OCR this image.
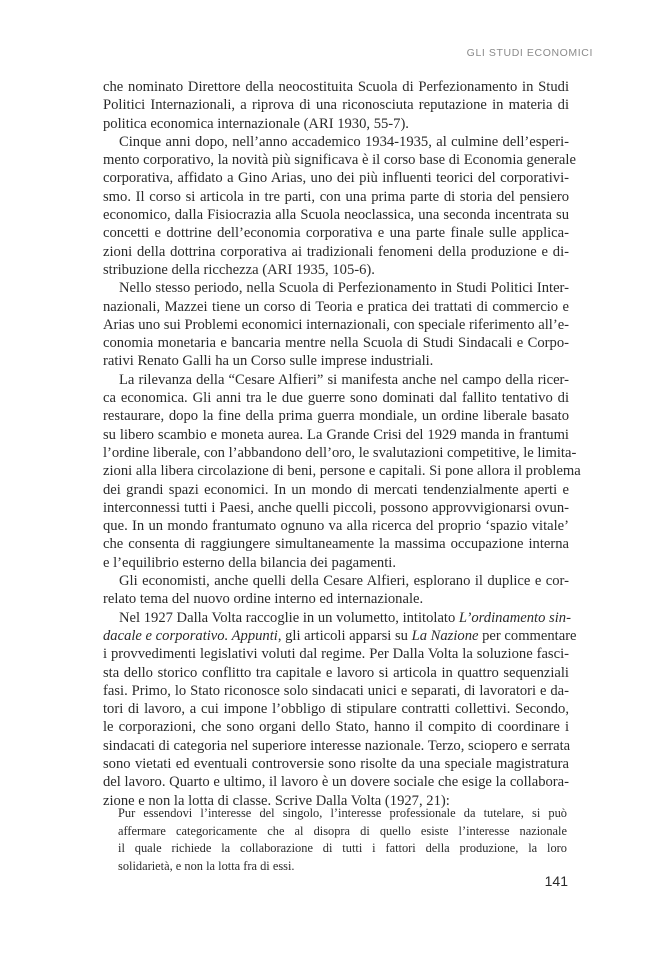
GLI STUDI ECONOMICI
che nominato Direttore della neocostituita Scuola di Perfezionamento in Studi
Politici Internazionali, a riprova di una riconosciuta reputazione in materia di
politica economica internazionale (ARI 1930, 55-7).
Cinque anni dopo, nell’anno accademico 1934-1935, al culmine dell’esperi-
mento corporativo, la novità più significava è il corso base di Economia generale
corporativa, affidato a Gino Arias, uno dei più influenti teorici del corporativi-
smo. Il corso si articola in tre parti, con una prima parte di storia del pensiero
economico, dalla Fisiocrazia alla Scuola neoclassica, una seconda incentrata su
concetti e dottrine dell’economia corporativa e una parte finale sulle applica-
zioni della dottrina corporativa ai tradizionali fenomeni della produzione e di-
stribuzione della ricchezza (ARI 1935, 105-6).
Nello stesso periodo, nella Scuola di Perfezionamento in Studi Politici Inter-
nazionali, Mazzei tiene un corso di Teoria e pratica dei trattati di commercio e
Arias uno sui Problemi economici internazionali, con speciale riferimento all’e-
conomia monetaria e bancaria mentre nella Scuola di Studi Sindacali e Corpo-
rativi Renato Galli ha un Corso sulle imprese industriali.
La rilevanza della “Cesare Alfieri” si manifesta anche nel campo della ricer-
ca economica. Gli anni tra le due guerre sono dominati dal fallito tentativo di
restaurare, dopo la fine della prima guerra mondiale, un ordine liberale basato
su libero scambio e moneta aurea. La Grande Crisi del 1929 manda in frantumi
l’ordine liberale, con l’abbandono dell’oro, le svalutazioni competitive, le limita-
zioni alla libera circolazione di beni, persone e capitali. Si pone allora il problema
dei grandi spazi economici. In un mondo di mercati tendenzialmente aperti e
interconnessi tutti i Paesi, anche quelli piccoli, possono approvvigionarsi ovun-
que. In un mondo frantumato ognuno va alla ricerca del proprio ‘spazio vitale’
che consenta di raggiungere simultaneamente la massima occupazione interna
e l’equilibrio esterno della bilancia dei pagamenti.
Gli economisti, anche quelli della Cesare Alfieri, esplorano il duplice e cor-
relato tema del nuovo ordine interno ed internazionale.
Nel 1927 Dalla Volta raccoglie in un volumetto, intitolato L’ordinamento sin-
dacale e corporativo. Appunti, gli articoli apparsi su La Nazione per commentare
i provvedimenti legislativi voluti dal regime. Per Dalla Volta la soluzione fasci-
sta dello storico conflitto tra capitale e lavoro si articola in quattro sequenziali
fasi. Primo, lo Stato riconosce solo sindacati unici e separati, di lavoratori e da-
tori di lavoro, a cui impone l’obbligo di stipulare contratti collettivi. Secondo,
le corporazioni, che sono organi dello Stato, hanno il compito di coordinare i
sindacati di categoria nel superiore interesse nazionale. Terzo, sciopero e serrata
sono vietati ed eventuali controversie sono risolte da una speciale magistratura
del lavoro. Quarto e ultimo, il lavoro è un dovere sociale che esige la collabora-
zione e non la lotta di classe. Scrive Dalla Volta (1927, 21):
Pur essendovi l’interesse del singolo, l’interesse professionale da tutelare, si può
affermare categoricamente che al disopra di quello esiste l’interesse nazionale
il quale richiede la collaborazione di tutti i fattori della produzione, la loro
solidarietà, e non la lotta fra di essi.
141
